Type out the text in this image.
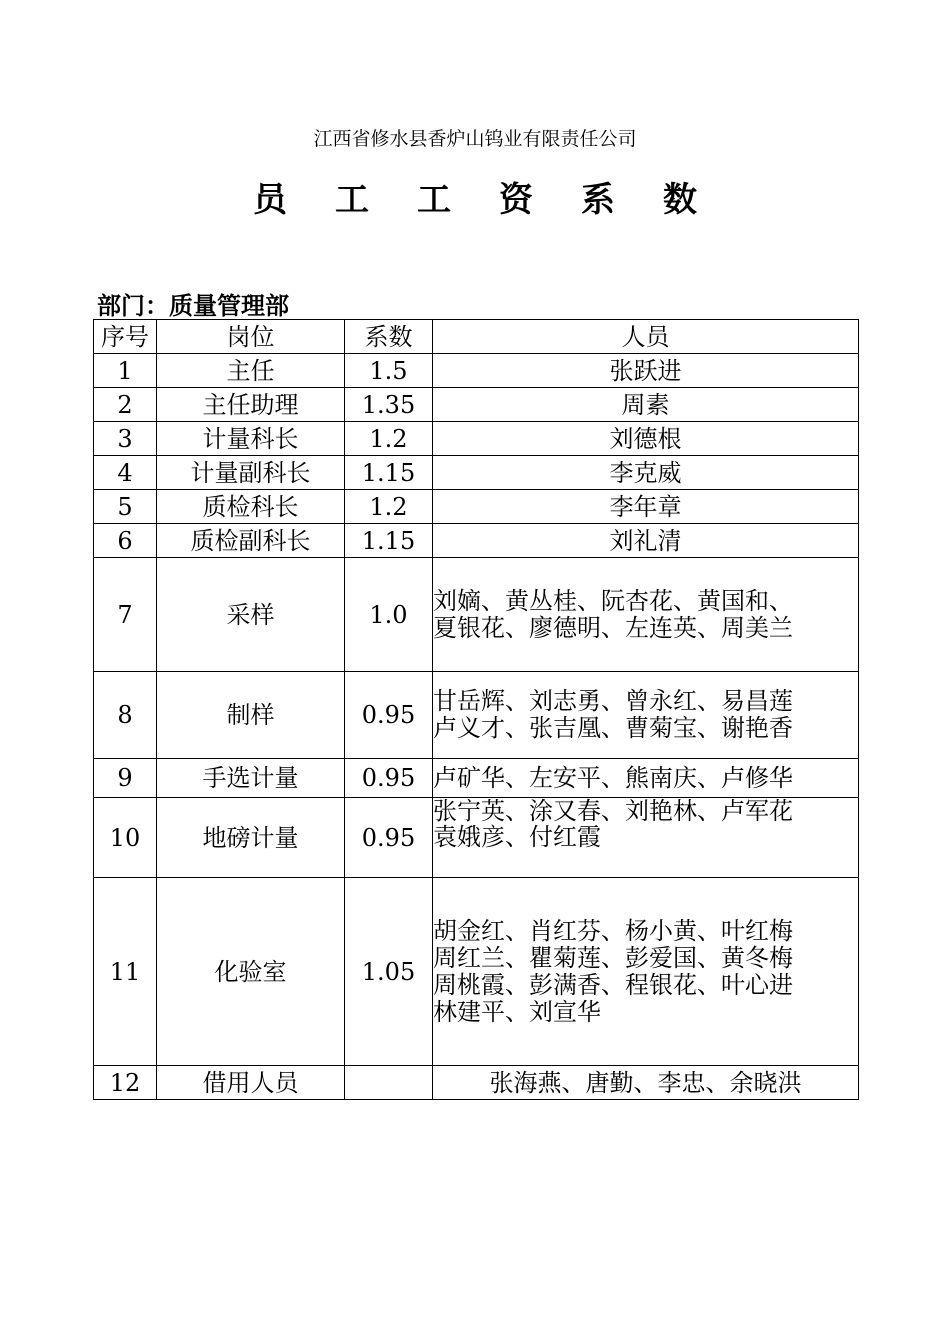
江西省修水县香炉山钨业有限责任公司
员 工 工 资 系 数
部门：质量管理部
序号	岗位	系数	人员
1	主任	1.5	张跃进
2	主任助理	1.35	周素
3	计量科长	1.2	刘德根
4	计量副科长	1.15	李克威
5	质检科长	1.2	李年章
6	质检副科长	1.15	刘礼清
7	采样	1.0	刘嫡、黄丛桂、阮杏花、黄国和、
夏银花、廖德明、左连英、周美兰

8	制样	0.95	甘岳辉、刘志勇、曾永红、易昌莲
卢义才、张吉凰、曹菊宝、谢艳香

9	手选计量	0.95	卢矿华、左安平、熊南庆、卢修华
10	地磅计量	0.95	张宁英、涂又春、刘艳林、卢军花
袁娥彦、付红霞

11	化验室	1.05	胡金红、肖红芬、杨小黄、叶红梅
周红兰、瞿菊莲、彭爱国、黄冬梅
周桃霞、彭满香、程银花、叶心进
林建平、刘宣华

12	借用人员		张海燕、唐勤、李忠、余晓洪
